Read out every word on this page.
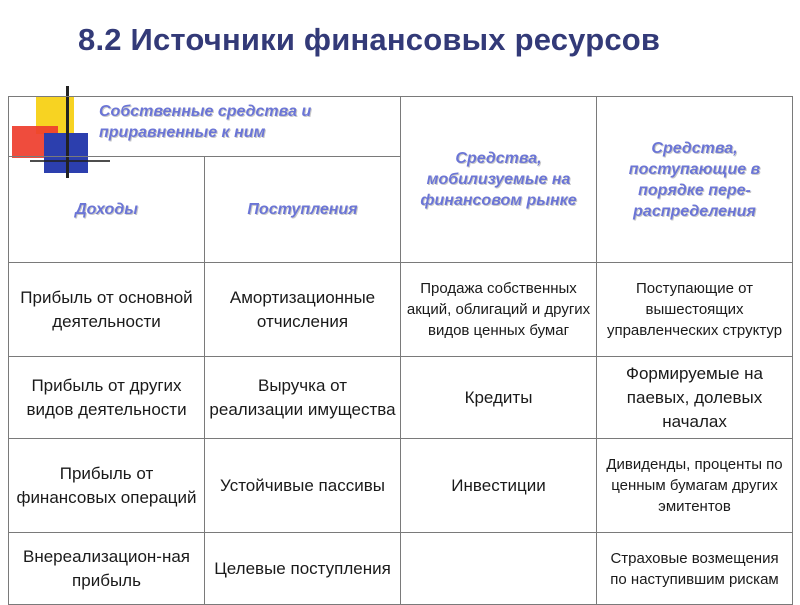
8.2 Источники финансовых ресурсов
Собственные средства и приравненные к ним		Средства, мобилизуемые на финансовом рынке	Средства, поступающие в порядке пере-распределения
Доходы	Поступления		
Прибыль от основной деятельности	Амортизационные отчисления	Продажа собственных акций, облигаций и других видов ценных бумаг	Поступающие от вышестоящих управленческих структур
Прибыль от других видов деятельности	Выручка от реализации имущества	Кредиты	Формируемые на паевых, долевых началах
Прибыль от финансовых операций	Устойчивые пассивы	Инвестиции	Дивиденды, проценты по ценным бумагам других эмитентов
Внереализацион-ная прибыль	Целевые поступления		Страховые возмещения по наступившим рискам
